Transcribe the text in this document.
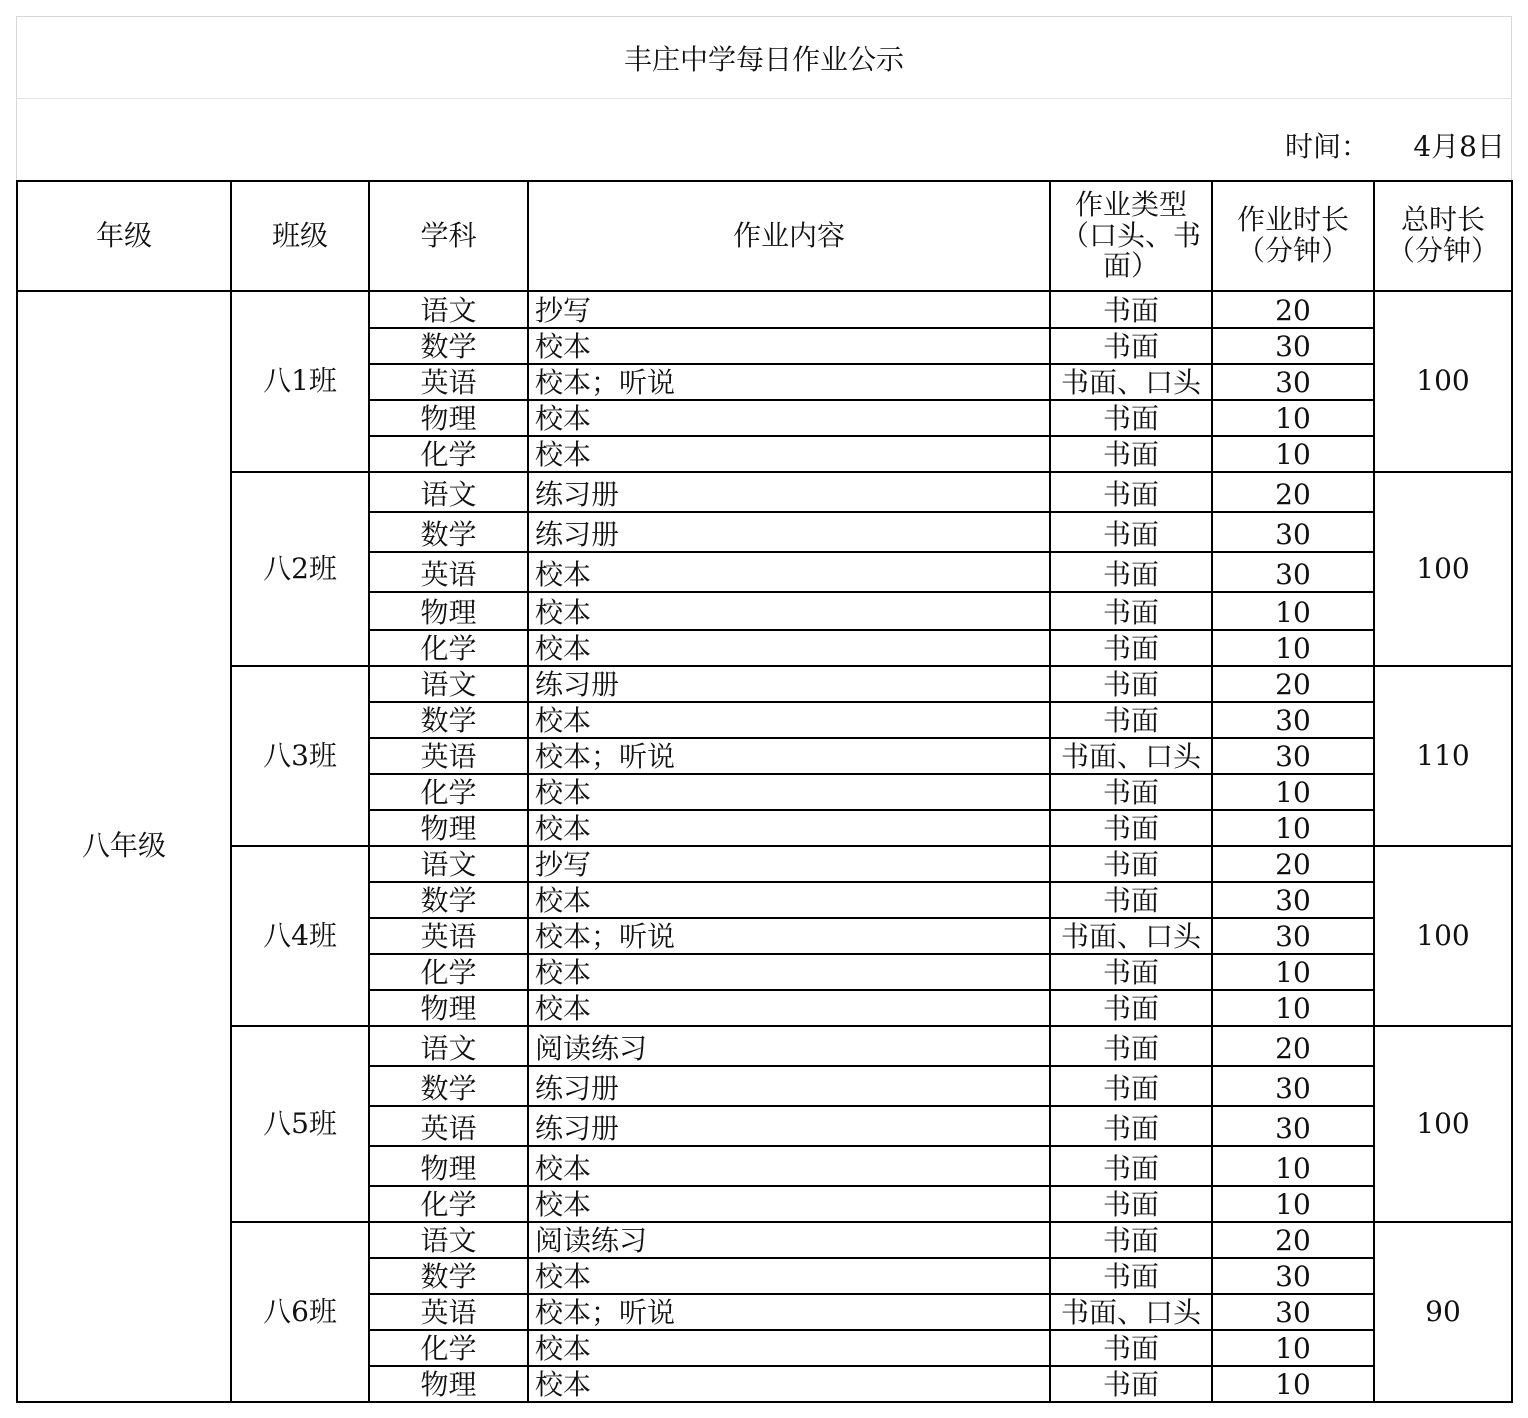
丰庄中学每日作业公示
时间： 4月8日
年级	班级	学科	作业内容	作业类型（口头、书面）	作业时长（分钟）	总时长（分钟）
八年级	八1班	语文	抄写	书面	20	100
		数学	校本	书面	30	
		英语	校本；听说	书面、口头	30	
		物理	校本	书面	10	
		化学	校本	书面	10	
	八2班	语文	练习册	书面	20	100
		数学	练习册	书面	30	
		英语	校本	书面	30	
		物理	校本	书面	10	
		化学	校本	书面	10	
	八3班	语文	练习册	书面	20	110
		数学	校本	书面	30	
		英语	校本；听说	书面、口头	30	
		化学	校本	书面	10	
		物理	校本	书面	10	
	八4班	语文	抄写	书面	20	100
		数学	校本	书面	30	
		英语	校本；听说	书面、口头	30	
		化学	校本	书面	10	
		物理	校本	书面	10	
	八5班	语文	阅读练习	书面	20	100
		数学	练习册	书面	30	
		英语	练习册	书面	30	
		物理	校本	书面	10	
		化学	校本	书面	10	
	八6班	语文	阅读练习	书面	20	90
		数学	校本	书面	30	
		英语	校本；听说	书面、口头	30	
		化学	校本	书面	10	
		物理	校本	书面	10	
